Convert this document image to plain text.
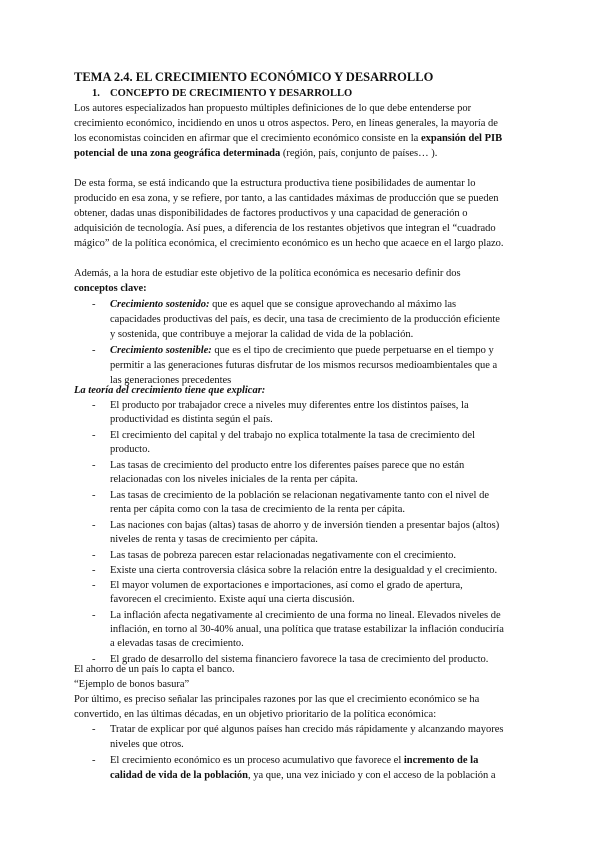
TEMA 2.4. EL CRECIMIENTO ECONÓMICO Y DESARROLLO
1. CONCEPTO DE CRECIMIENTO Y DESARROLLO
Los autores especializados han propuesto múltiples definiciones de lo que debe entenderse por
crecimiento económico, incidiendo en unos u otros aspectos. Pero, en líneas generales, la mayoría de
los economistas coinciden en afirmar que el crecimiento económico consiste en la expansión del PIB
potencial de una zona geográfica determinada (región, país, conjunto de países… ).
De esta forma, se está indicando que la estructura productiva tiene posibilidades de aumentar lo
producido en esa zona, y se refiere, por tanto, a las cantidades máximas de producción que se pueden
obtener, dadas unas disponibilidades de factores productivos y una capacidad de generación o
adquisición de tecnología. Así pues, a diferencia de los restantes objetivos que integran el “cuadrado
mágico” de la política económica, el crecimiento económico es un hecho que acaece en el largo plazo.
Además, a la hora de estudiar este objetivo de la política económica es necesario definir dos
conceptos clave:
- Crecimiento sostenido: que es aquel que se consigue aprovechando al máximo las
capacidades productivas del país, es decir, una tasa de crecimiento de la producción eficiente
y sostenida, que contribuye a mejorar la calidad de vida de la población.
- Crecimiento sostenible: que es el tipo de crecimiento que puede perpetuarse en el tiempo y
permitir a las generaciones futuras disfrutar de los mismos recursos medioambientales que a
las generaciones precedentes
La teoría del crecimiento tiene que explicar:
- El producto por trabajador crece a niveles muy diferentes entre los distintos países, la
productividad es distinta según el país.
- El crecimiento del capital y del trabajo no explica totalmente la tasa de crecimiento del
producto.
- Las tasas de crecimiento del producto entre los diferentes países parece que no están
relacionadas con los niveles iniciales de la renta per cápita.
- Las tasas de crecimiento de la población se relacionan negativamente tanto con el nivel de
renta per cápita como con la tasa de crecimiento de la renta per cápita.
- Las naciones con bajas (altas) tasas de ahorro y de inversión tienden a presentar bajos (altos)
niveles de renta y tasas de crecimiento per cápita.
- Las tasas de pobreza parecen estar relacionadas negativamente con el crecimiento.
- Existe una cierta controversia clásica sobre la relación entre la desigualdad y el crecimiento.
- El mayor volumen de exportaciones e importaciones, así como el grado de apertura,
favorecen el crecimiento. Existe aquí una cierta discusión.
- La inflación afecta negativamente al crecimiento de una forma no lineal. Elevados niveles de
inflación, en torno al 30-40% anual, una política que tratase estabilizar la inflación conduciría
a elevadas tasas de crecimiento.
- El grado de desarrollo del sistema financiero favorece la tasa de crecimiento del producto.
El ahorro de un país lo capta el banco.
“Ejemplo de bonos basura”
Por último, es preciso señalar las principales razones por las que el crecimiento económico se ha
convertido, en las últimas décadas, en un objetivo prioritario de la política económica:
- Tratar de explicar por qué algunos países han crecido más rápidamente y alcanzando mayores
niveles que otros.
- El crecimiento económico es un proceso acumulativo que favorece el incremento de la
calidad de vida de la población, ya que, una vez iniciado y con el acceso de la población a
